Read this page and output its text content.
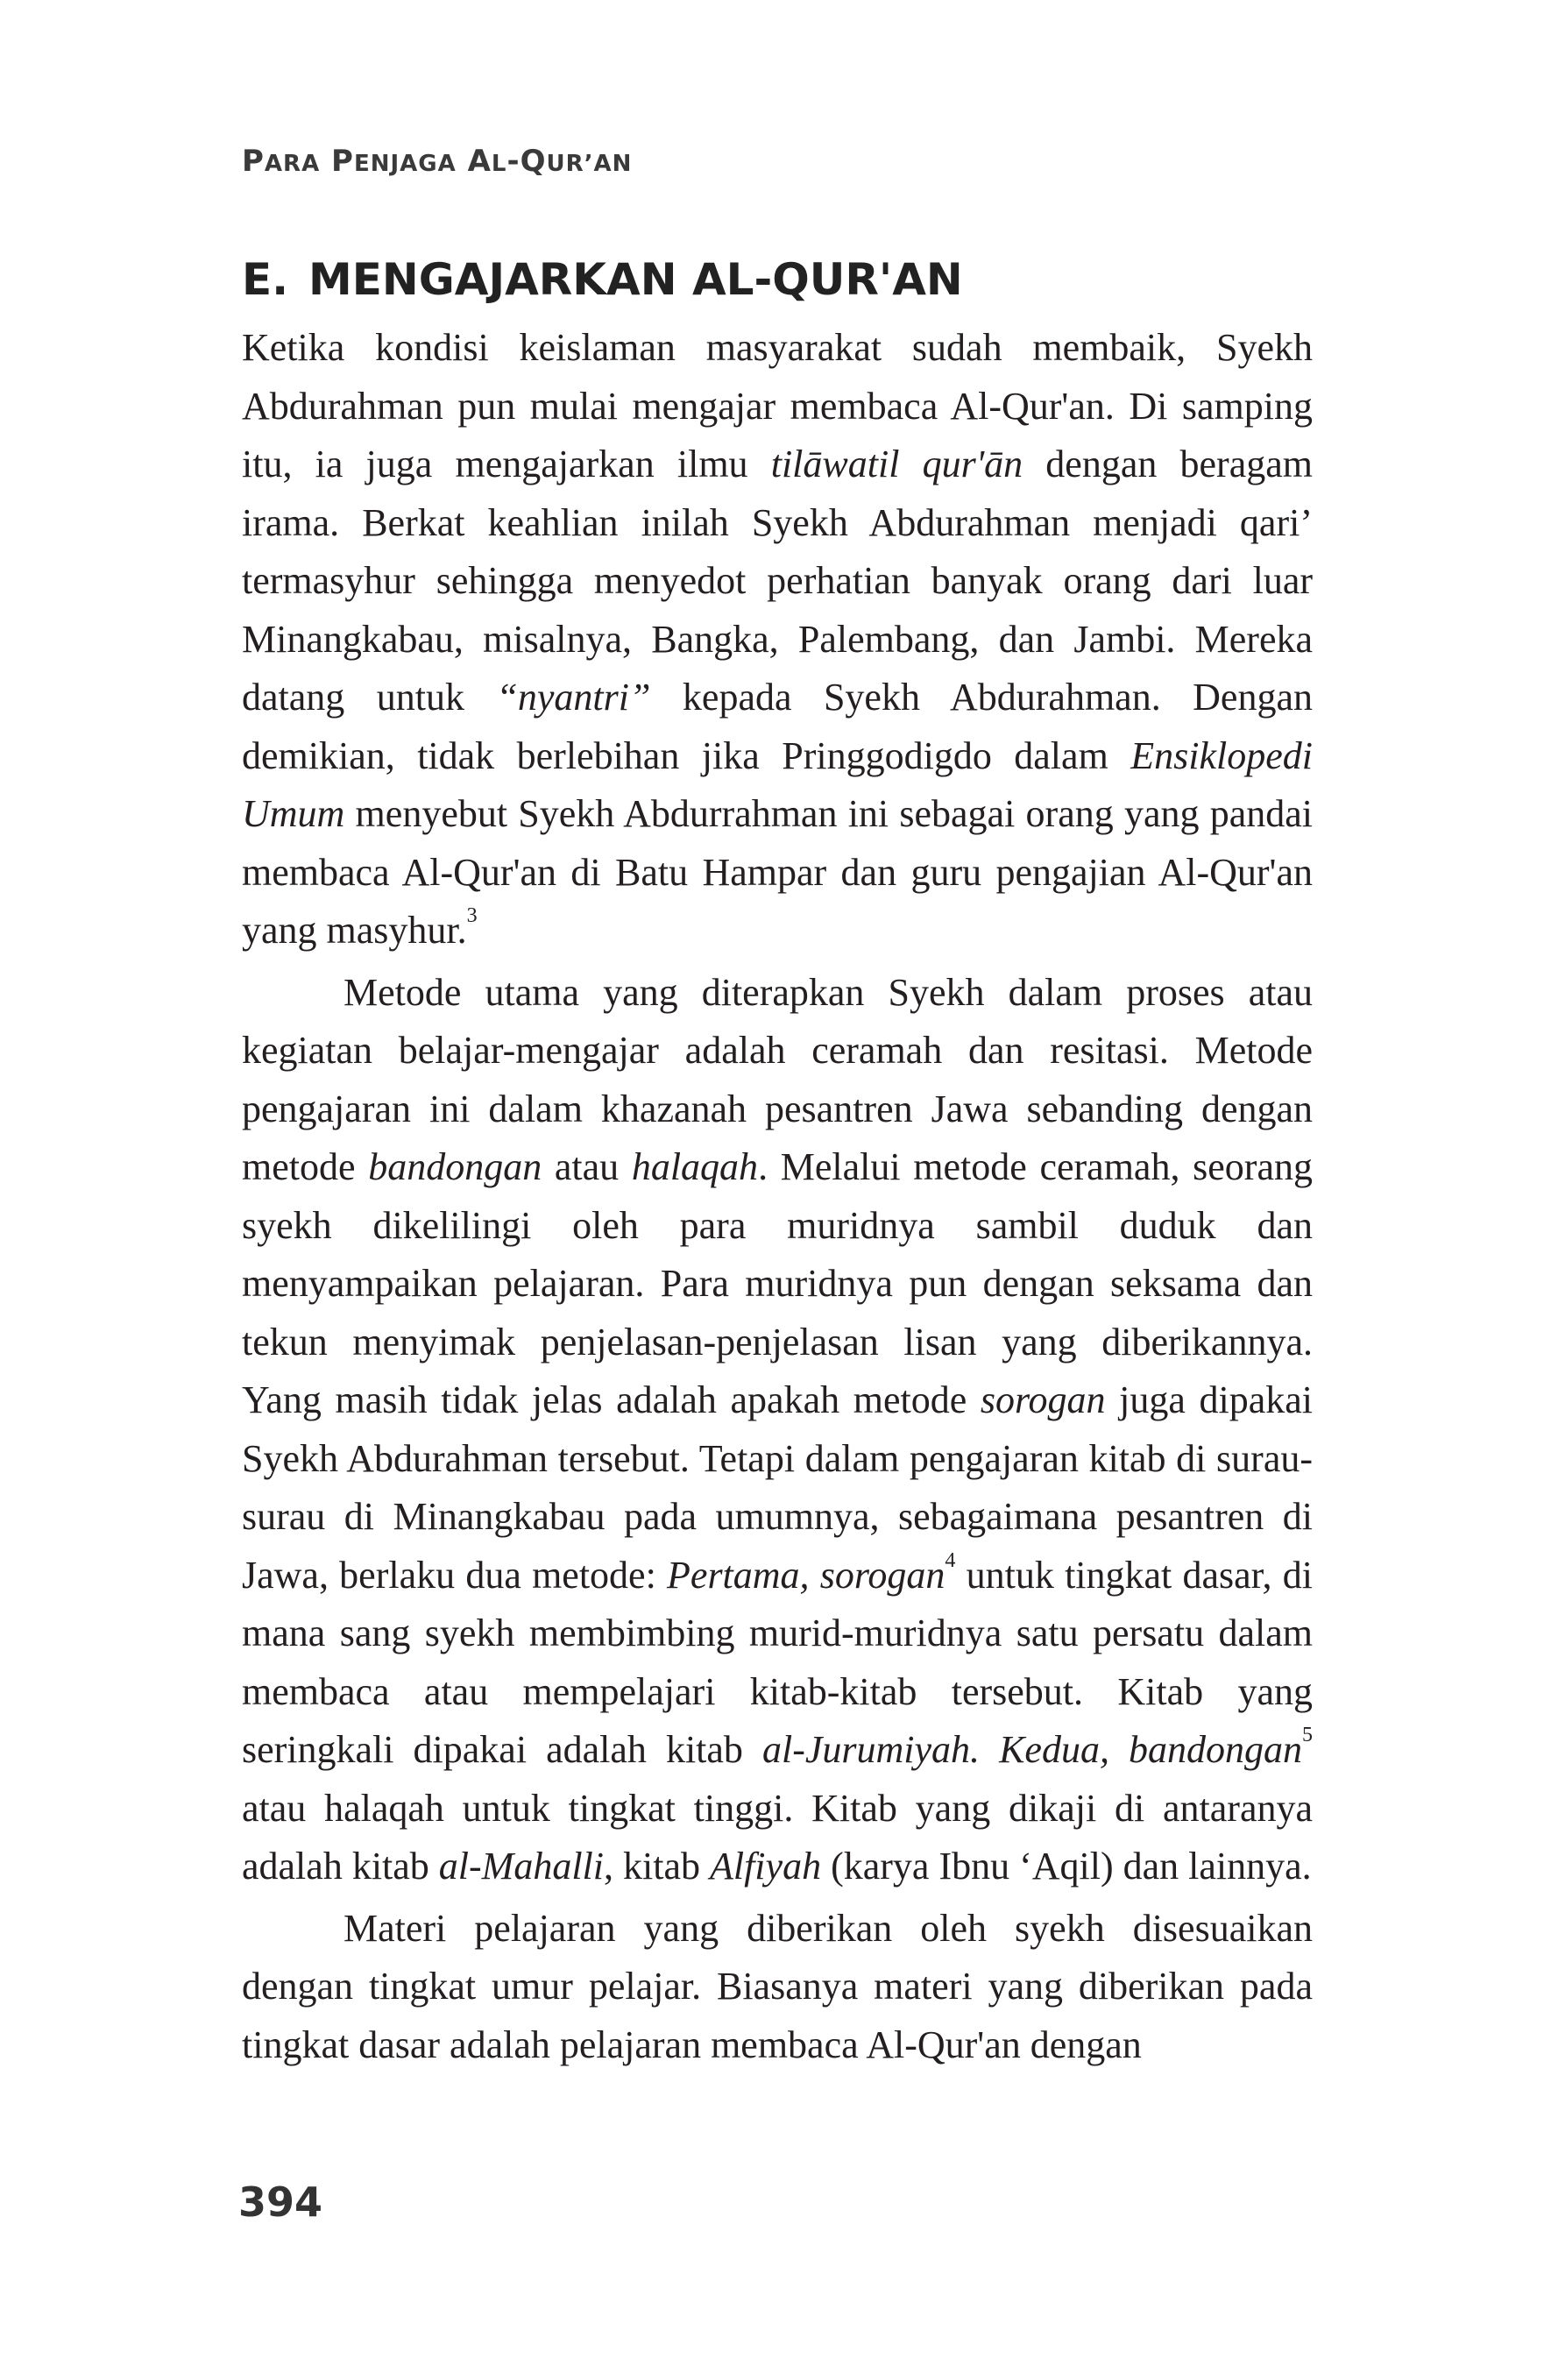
PARA PENJAGA AL-QUR’AN
E. MENGAJARKAN AL-QUR'AN

Ketika kondisi keislaman masyarakat sudah membaik, Syekh Abdurahman pun mulai mengajar membaca Al-Qur'an. Di samping itu, ia juga mengajarkan ilmu tilāwatil qur'ān dengan beragam irama. Berkat keahlian inilah Syekh Abdurahman menjadi qari’ termasyhur sehingga menyedot perhatian banyak orang dari luar Minangkabau, misalnya, Bangka, Palembang, dan Jambi. Mereka datang untuk “nyantri” kepada Syekh Abdurahman. Dengan demikian, tidak berlebihan jika Pringgodigdo dalam Ensiklopedi Umum menyebut Syekh Abdurrahman ini sebagai orang yang pandai membaca Al-Qur'an di Batu Hampar dan guru pengajian Al-Qur'an yang masyhur.$^3$

Metode utama yang diterapkan Syekh dalam proses atau kegiatan belajar-mengajar adalah ceramah dan resitasi. Metode pengajaran ini dalam khazanah pesantren Jawa sebanding dengan metode bandongan atau halaqah. Melalui metode ceramah, seorang syekh dikelilingi oleh para muridnya sambil duduk dan menyampaikan pelajaran. Para muridnya pun dengan seksama dan tekun menyimak penjelasan-penjelasan lisan yang diberikannya. Yang masih tidak jelas adalah apakah metode sorogan juga dipakai Syekh Abdurahman tersebut. Tetapi dalam pengajaran kitab di surau-surau di Minangkabau pada umumnya, sebagaimana pesantren di Jawa, berlaku dua metode: Pertama, sorogan$^4$ untuk tingkat dasar, di mana sang syekh membimbing murid-muridnya satu persatu dalam membaca atau mempelajari kitab-kitab tersebut. Kitab yang seringkali dipakai adalah kitab al-Jurumiyah. Kedua, bandongan$^5$ atau halaqah untuk tingkat tinggi. Kitab yang dikaji di antaranya adalah kitab al-Mahalli, kitab Alfiyah (karya Ibnu ‘Aqil) dan lainnya.

Materi pelajaran yang diberikan oleh syekh disesuaikan dengan tingkat umur pelajar. Biasanya materi yang diberikan pada tingkat dasar adalah pelajaran membaca Al-Qur'an dengan

394
